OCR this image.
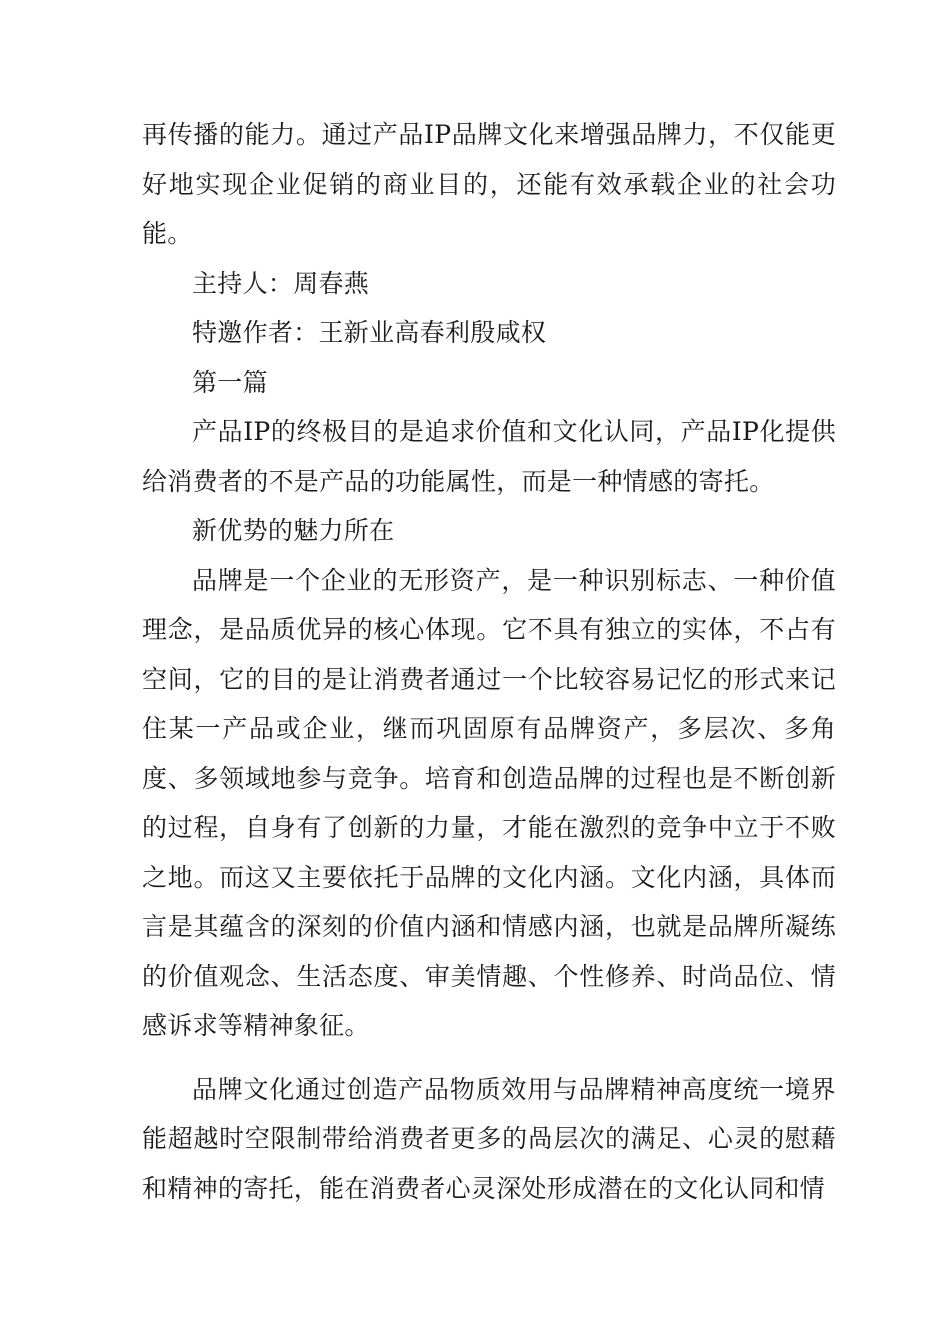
再传播的能力。通过产品IP品牌文化来增强品牌力，不仅能更好地实现企业促销的商业目的，还能有效承载企业的社会功能。

主持人：周春燕

特邀作者：王新业高春利殷咸权

第一篇

产品IP的终极目的是追求价值和文化认同，产品IP化提供给消费者的不是产品的功能属性，而是一种情感的寄托。

新优势的魅力所在

品牌是一个企业的无形资产，是一种识别标志、一种价值理念，是品质优异的核心体现。它不具有独立的实体，不占有空间，它的目的是让消费者通过一个比较容易记忆的形式来记住某一产品或企业，继而巩固原有品牌资产，多层次、多角度、多领域地参与竞争。培育和创造品牌的过程也是不断创新的过程，自身有了创新的力量，才能在激烈的竞争中立于不败之地。而这又主要依托于品牌的文化内涵。文化内涵，具体而言是其蕴含的深刻的价值内涵和情感内涵，也就是品牌所凝练的价值观念、生活态度、审美情趣、个性修养、时尚品位、情感诉求等精神象征。

品牌文化通过创造产品物质效用与品牌精神高度统一境界能超越时空限制带给消费者更多的咼层次的满足、心灵的慰藉和精神的寄托，能在消费者心灵深处形成潜在的文化认同和情
